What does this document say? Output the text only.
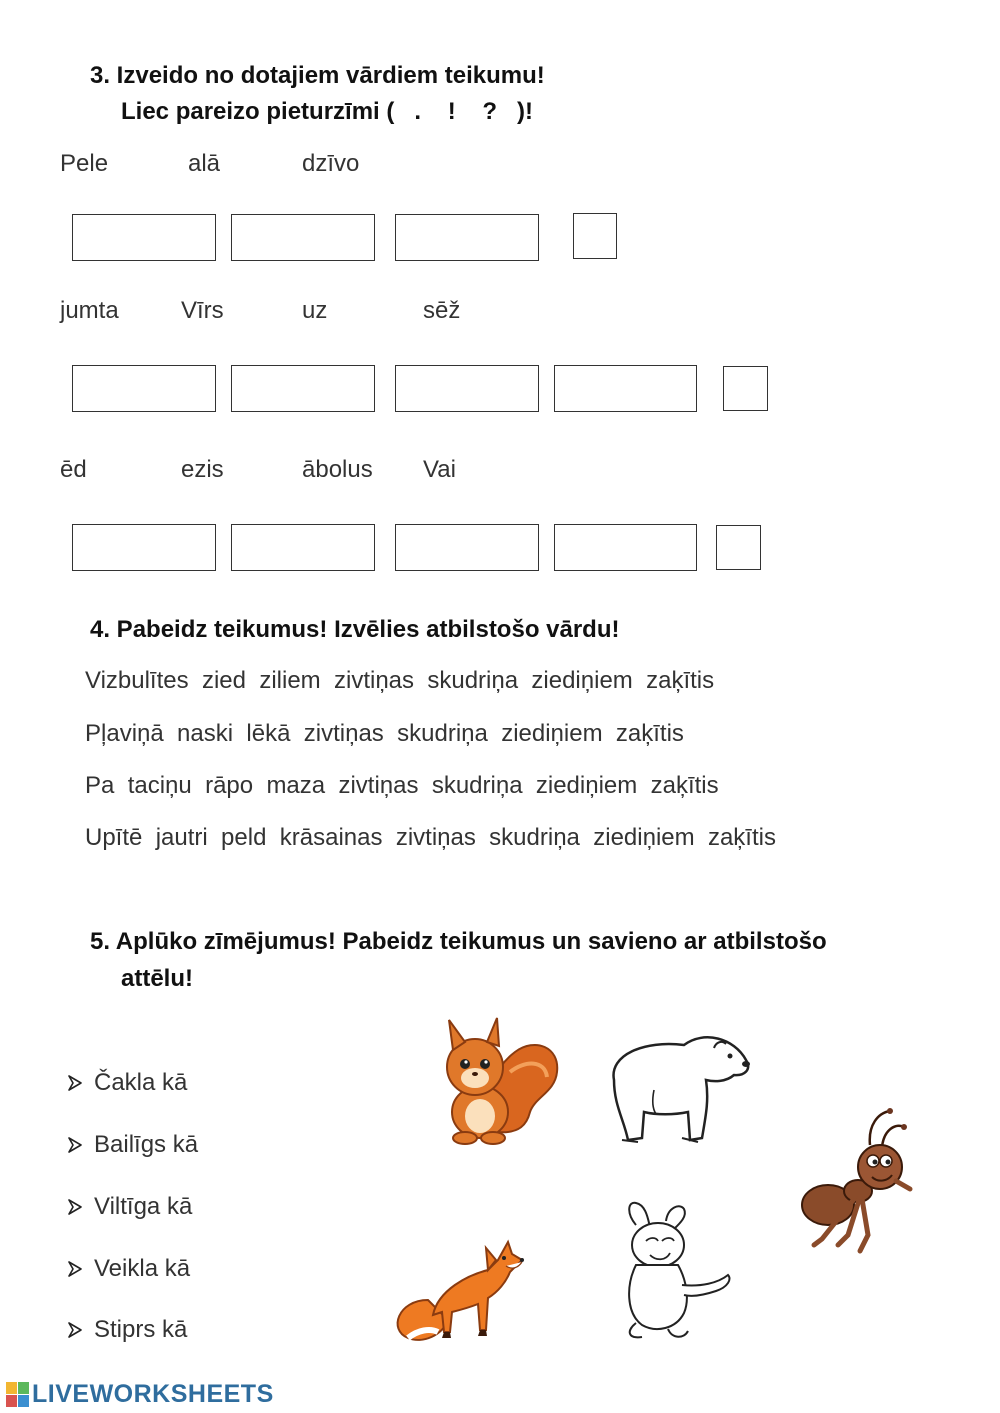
3. Izveido no dotajiem vārdiem teikumu!
Liec pareizo pieturzīmi (   .    !    ?   )!
Pele	alā	dzīvo
jumta	Vīrs	uz	sēž
ēd	ezis	ābolus Vai
4. Pabeidz teikumus! Izvēlies atbilstošo vārdu!
Vizbulītes  zied  ziliem  zivtiņas  skudriņa  ziediņiem  zaķītis
Pļaviņā  naski  lēkā  zivtiņas  skudriņa  ziediņiem  zaķītis
Pa  taciņu  rāpo  maza  zivtiņas  skudriņa  ziediņiem  zaķītis
Upītē  jautri  peld  krāsainas  zivtiņas  skudriņa  ziediņiem  zaķītis
5. Aplūko zīmējumus! Pabeidz teikumus un savieno ar atbilstošo
attēlu!
Čakla kā
Bailīgs kā
Viltīga kā
Veikla kā
Stiprs kā
LIVEWORKSHEETS
